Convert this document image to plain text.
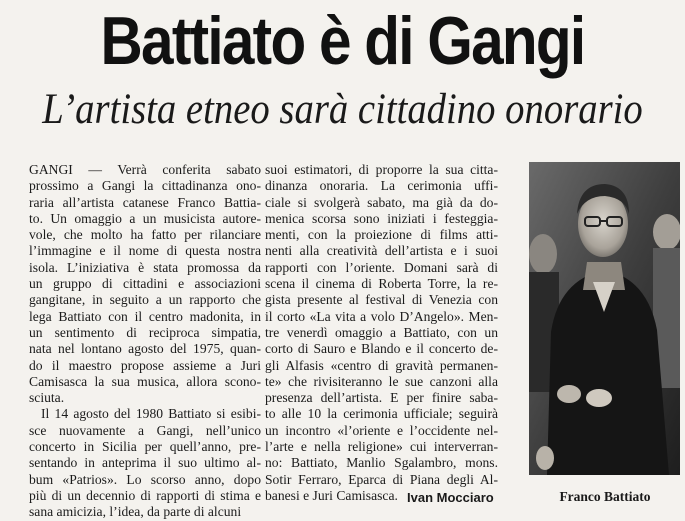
Battiato è di Gangi
L’artista etneo sarà cittadino onorario
GANGI — Verrà conferita sabato
prossimo a Gangi la cittadinanza ono-
raria all’artista catanese Franco Battia-
to. Un omaggio a un musicista autore-
vole, che molto ha fatto per rilanciare
l’immagine e il nome di questa nostra
isola. L’iniziativa è stata promossa da
un gruppo di cittadini e associazioni
gangitane, in seguito a un rapporto che
lega Battiato con il centro madonita, in
un sentimento di reciproca simpatia,
nata nel lontano agosto del 1975, quan-
do il maestro propose assieme a Juri
Camisasca la sua musica, allora scono-
sciuta.
Il 14 agosto del 1980 Battiato si esibi-
sce nuovamente a Gangi, nell’unico
concerto in Sicilia per quell’anno, pre-
sentando in anteprima il suo ultimo al-
bum «Patrios». Lo scorso anno, dopo
più di un decennio di rapporti di stima e
sana amicizia, l’idea, da parte di alcuni
suoi estimatori, di proporre la sua citta-
dinanza onoraria. La cerimonia uffi-
ciale si svolgerà sabato, ma già da do-
menica scorsa sono iniziati i festeggia-
menti, con la proiezione di films atti-
nenti alla creatività dell’artista e i suoi
rapporti con l’oriente. Domani sarà di
scena il cinema di Roberta Torre, la re-
gista presente al festival di Venezia con
il corto «La vita a volo D’Angelo». Men-
tre venerdì omaggio a Battiato, con un
corto di Sauro e Blando e il concerto de-
gli Alfasis «centro di gravità permanen-
te» che rivisiteranno le sue canzoni alla
presenza dell’artista. E per finire saba-
to alle 10 la cerimonia ufficiale; seguirà
un incontro «l’oriente e l’occidente nel-
l’arte e nella religione» cui interverran-
no: Battiato, Manlio Sgalambro, mons.
Sotir Ferraro, Eparca di Piana degli Al-
banesi e Juri Camisasca. Ivan Mocciaro	Franco Battiato
